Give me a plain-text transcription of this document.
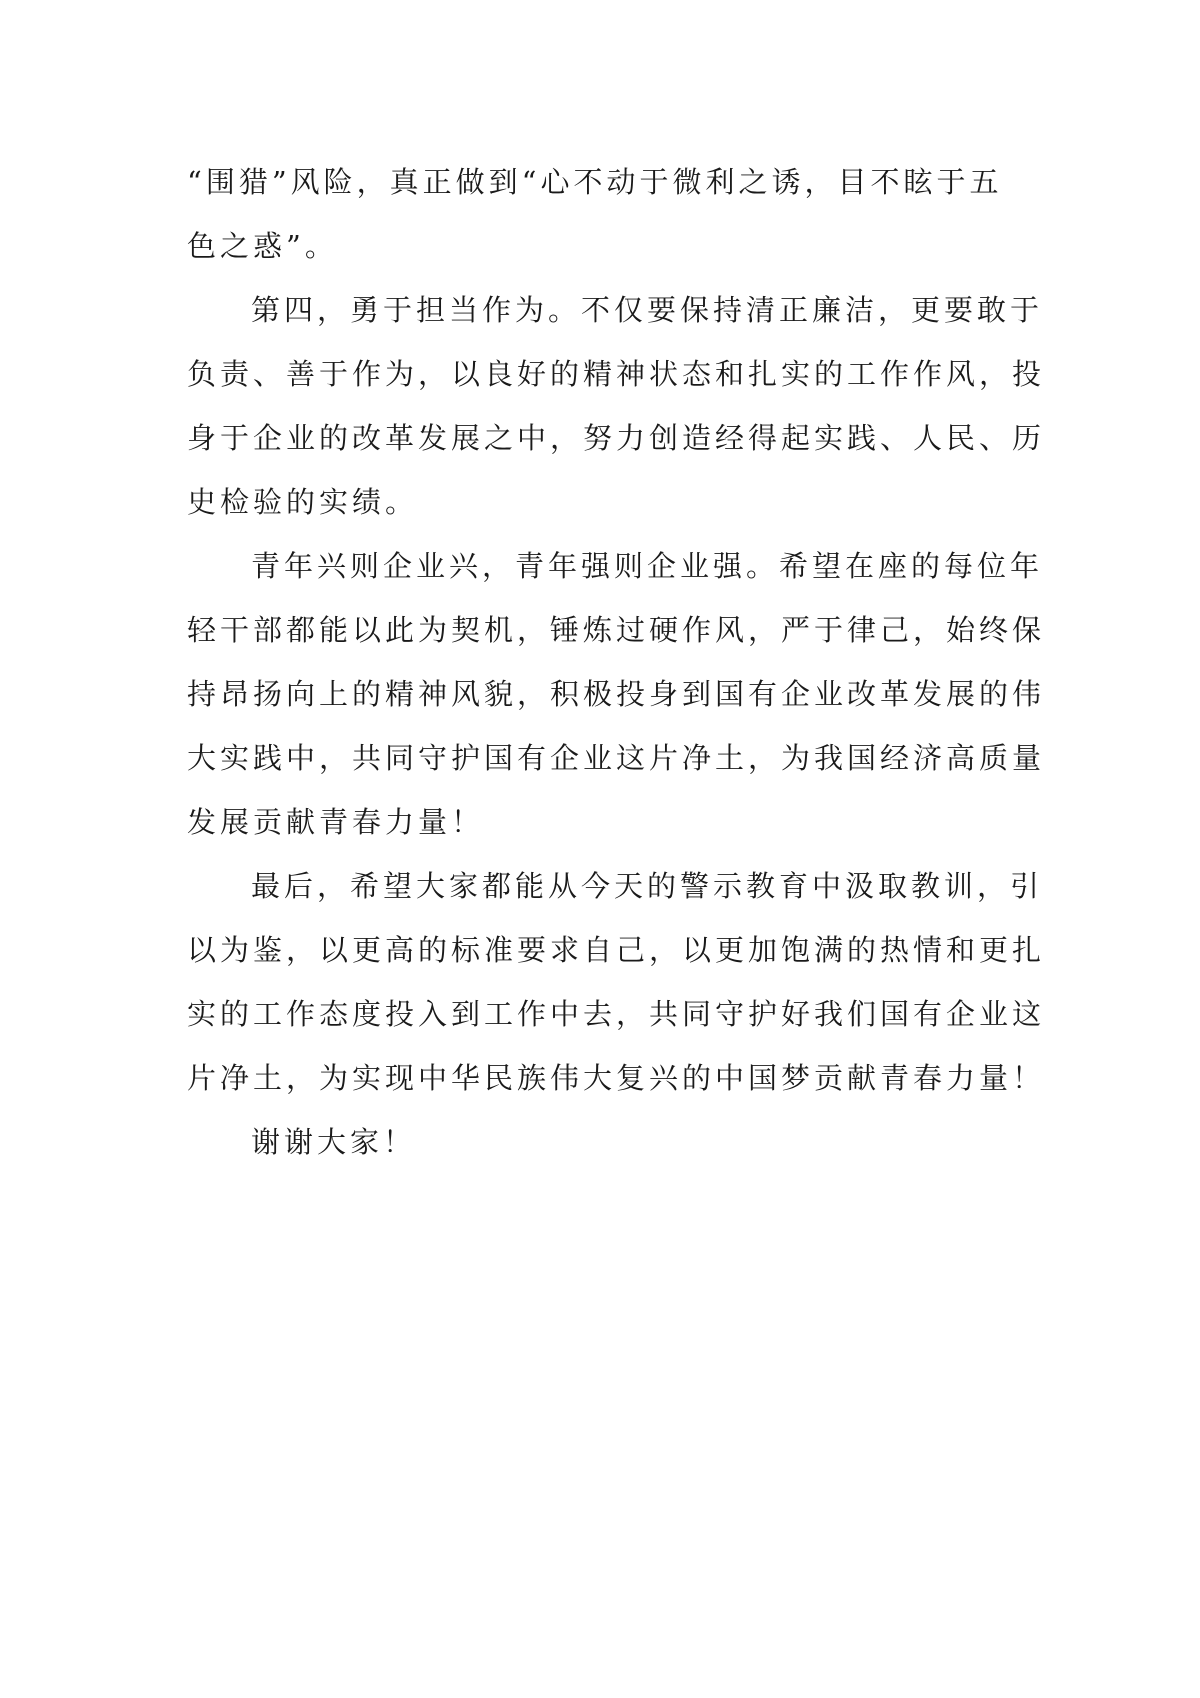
“围猎”风险，真正做到“心不动于微利之诱，目不眩于五
色之惑”。

第四，勇于担当作为。不仅要保持清正廉洁，更要敢于
负责、善于作为，以良好的精神状态和扎实的工作作风，投
身于企业的改革发展之中，努力创造经得起实践、人民、历
史检验的实绩。

青年兴则企业兴，青年强则企业强。希望在座的每位年
轻干部都能以此为契机，锤炼过硬作风，严于律己，始终保
持昂扬向上的精神风貌，积极投身到国有企业改革发展的伟
大实践中，共同守护国有企业这片净土，为我国经济高质量
发展贡献青春力量！

最后，希望大家都能从今天的警示教育中汲取教训，引
以为鉴，以更高的标准要求自己，以更加饱满的热情和更扎
实的工作态度投入到工作中去，共同守护好我们国有企业这
片净土，为实现中华民族伟大复兴的中国梦贡献青春力量！

谢谢大家！
